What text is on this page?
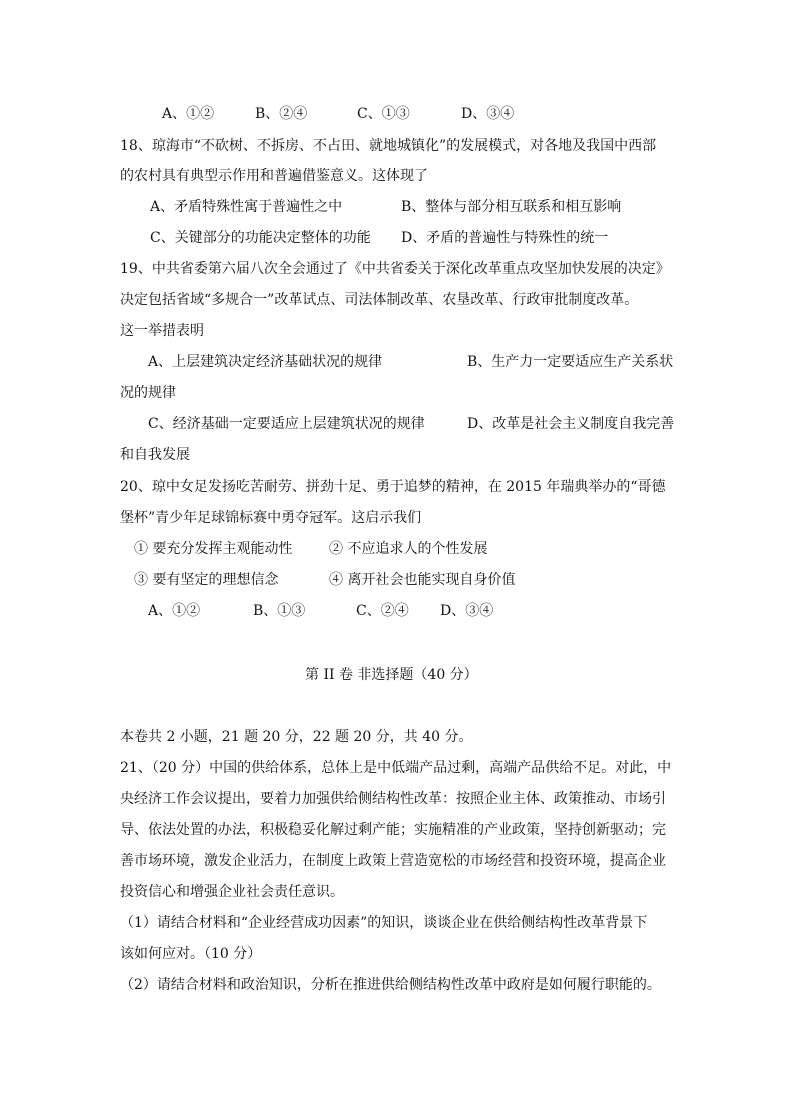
A、①②	B、②④	C、①③	D、③④
18、琼海市“不砍树、不拆房、不占田、就地城镇化”的发展模式，对各地及我国中西部
的农村具有典型示作用和普遍借鉴意义。这体现了
A、矛盾特殊性寓于普遍性之中	B、整体与部分相互联系和相互影响
C、关键部分的功能决定整体的功能 D、矛盾的普遍性与特殊性的统一
19、中共省委第六届八次全会通过了《中共省委关于深化改革重点攻坚加快发展的决定》
决定包括省域“多规合一”改革试点、司法体制改革、农垦改革、行政审批制度改革。
这一举措表明
A、上层建筑决定经济基础状况的规律	B、生产力一定要适应生产关系状
况的规律
C、经济基础一定要适应上层建筑状况的规律	D、改革是社会主义制度自我完善
和自我发展
20、琼中女足发扬吃苦耐劳、拼劲十足、勇于追梦的精神，在 2015 年瑞典举办的“哥德
堡杯”青少年足球锦标赛中勇夺冠军。这启示我们
① 要充分发挥主观能动性	② 不应追求人的个性发展
③ 要有坚定的理想信念	④ 离开社会也能实现自身价值
A、①②	B、①③	C、②④ D、③④
第 II 卷 非选择题（40 分）
本卷共 2 小题，21 题 20 分，22 题 20 分，共 40 分。
21、（20 分）中国的供给体系，总体上是中低端产品过剩，高端产品供给不足。对此，中
央经济工作会议提出，要着力加强供给侧结构性改革：按照企业主体、政策推动、市场引
导、依法处置的办法，积极稳妥化解过剩产能；实施精准的产业政策，坚持创新驱动；完
善市场环境，激发企业活力，在制度上政策上营造宽松的市场经营和投资环境，提高企业
投资信心和增强企业社会责任意识。
（1）请结合材料和“企业经营成功因素”的知识，谈谈企业在供给侧结构性改革背景下
该如何应对。（10 分）
（2）请结合材料和政治知识，分析在推进供给侧结构性改革中政府是如何履行职能的。
